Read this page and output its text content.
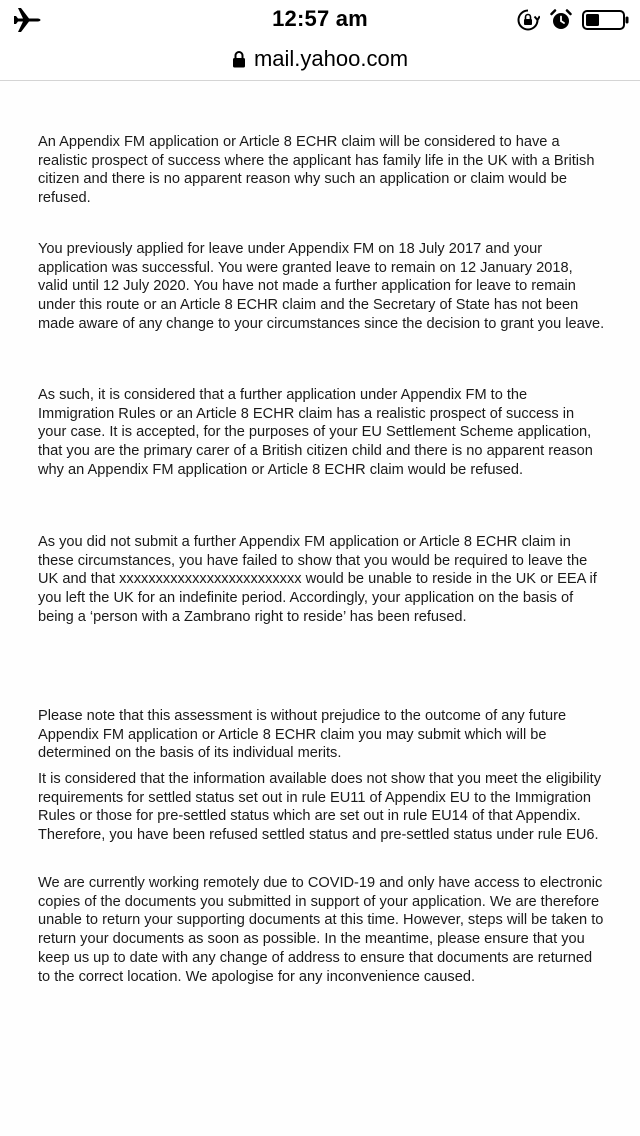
12:57 am
mail.yahoo.com

An Appendix FM application or Article 8 ECHR claim will be considered to have a realistic prospect of success where the applicant has family life in the UK with a British citizen and there is no apparent reason why such an application or claim would be refused.

You previously applied for leave under Appendix FM on 18 July 2017 and your application was successful. You were granted leave to remain on 12 January 2018, valid until 12 July 2020. You have not made a further application for leave to remain under this route or an Article 8 ECHR claim and the Secretary of State has not been made aware of any change to your circumstances since the decision to grant you leave.

As such, it is considered that a further application under Appendix FM to the Immigration Rules or an Article 8 ECHR claim has a realistic prospect of success in your case. It is accepted, for the purposes of your EU Settlement Scheme application, that you are the primary carer of a British citizen child and there is no apparent reason why an Appendix FM application or Article 8 ECHR claim would be refused.

As you did not submit a further Appendix FM application or Article 8 ECHR claim in these circumstances, you have failed to show that you would be required to leave the UK and that xxxxxxxxxxxxxxxxxxxxxxxxx would be unable to reside in the UK or EEA if you left the UK for an indefinite period. Accordingly, your application on the basis of being a ‘person with a Zambrano right to reside’ has been refused.

Please note that this assessment is without prejudice to the outcome of any future Appendix FM application or Article 8 ECHR claim you may submit which will be determined on the basis of its individual merits.

It is considered that the information available does not show that you meet the eligibility requirements for settled status set out in rule EU11 of Appendix EU to the Immigration Rules or those for pre-settled status which are set out in rule EU14 of that Appendix. Therefore, you have been refused settled status and pre-settled status under rule EU6.

We are currently working remotely due to COVID-19 and only have access to electronic copies of the documents you submitted in support of your application. We are therefore unable to return your supporting documents at this time. However, steps will be taken to return your documents as soon as possible. In the meantime, please ensure that you keep us up to date with any change of address to ensure that documents are returned to the correct location. We apologise for any inconvenience caused.
